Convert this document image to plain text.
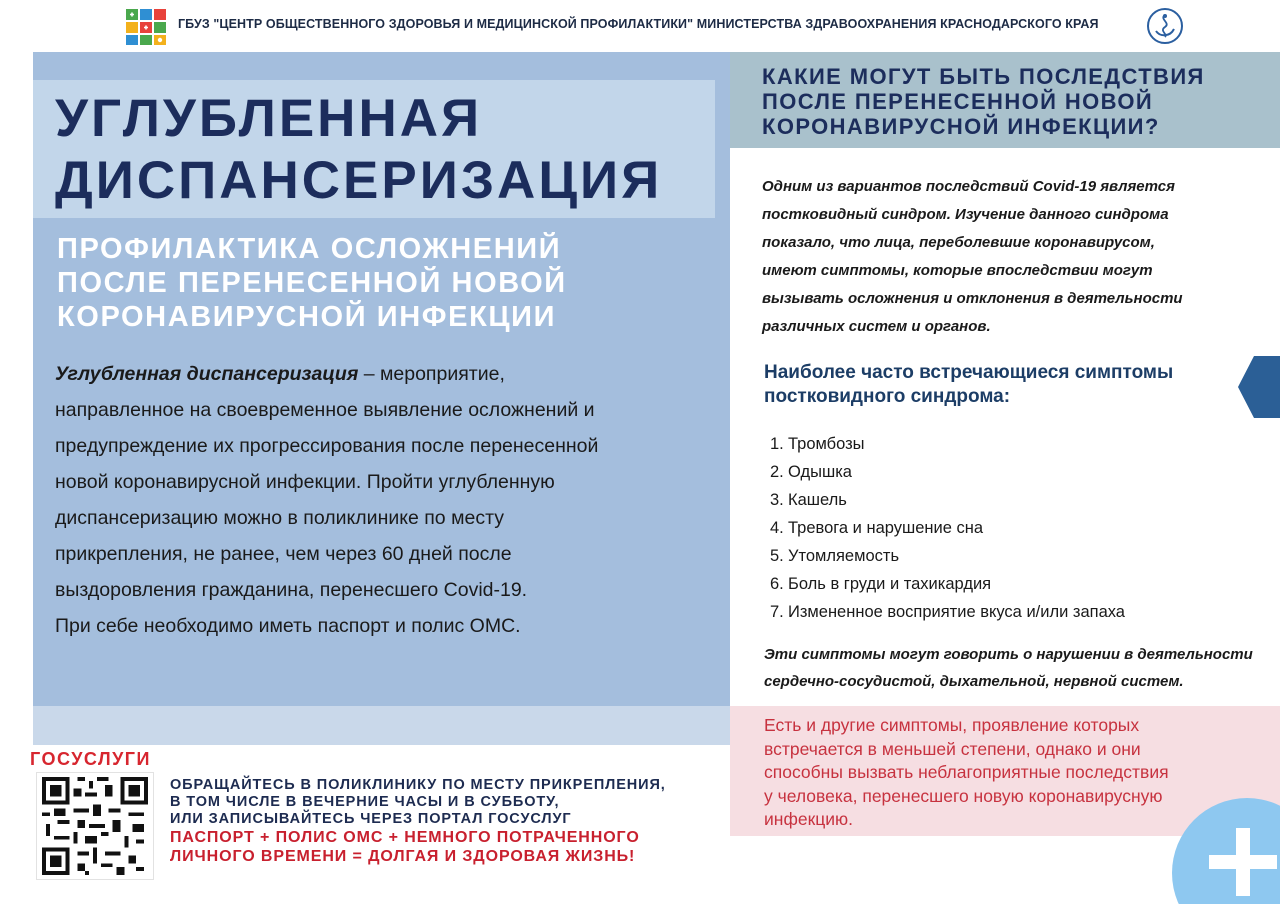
ГБУЗ "ЦЕНТР ОБЩЕСТВЕННОГО ЗДОРОВЬЯ И МЕДИЦИНСКОЙ ПРОФИЛАКТИКИ" МИНИСТЕРСТВА ЗДРАВООХРАНЕНИЯ КРАСНОДАРСКОГО КРАЯ
УГЛУБЛЕННАЯ
ДИСПАНСЕРИЗАЦИЯ
ПРОФИЛАКТИКА ОСЛОЖНЕНИЙ
ПОСЛЕ ПЕРЕНЕСЕННОЙ НОВОЙ
КОРОНАВИРУСНОЙ ИНФЕКЦИИ
Углубленная диспансеризация – мероприятие,
направленное на своевременное выявление осложнений и
предупреждение их прогрессирования после перенесенной
новой коронавирусной инфекции. Пройти углубленную
диспансеризацию можно в поликлинике по месту
прикрепления, не ранее, чем через 60 дней после
выздоровления гражданина, перенесшего Covid-19.
При себе необходимо иметь паспорт и полис ОМС.
КАКИЕ МОГУТ БЫТЬ ПОСЛЕДСТВИЯ
ПОСЛЕ ПЕРЕНЕСЕННОЙ НОВОЙ
КОРОНАВИРУСНОЙ ИНФЕКЦИИ?
Одним из вариантов последствий Covid-19 является
постковидный синдром. Изучение данного синдрома
показало, что лица, переболевшие коронавирусом,
имеют симптомы, которые впоследствии могут
вызывать осложнения и отклонения в деятельности
различных систем и органов.
Наиболее часто встречающиеся симптомы
постковидного синдрома:
1. Тромбозы
2. Одышка
3. Кашель
4. Тревога и нарушение сна
5. Утомляемость
6. Боль в груди и тахикардия
7. Измененное восприятие вкуса и/или запаха
Эти симптомы могут говорить о нарушении в деятельности
сердечно-сосудистой, дыхательной, нервной систем.
Есть и другие симптомы, проявление которых
встречается в меньшей степени, однако и они
способны вызвать неблагоприятные последствия
у человека, перенесшего новую коронавирусную
инфекцию.
ГОСУСЛУГИ
ОБРАЩАЙТЕСЬ В ПОЛИКЛИНИКУ ПО МЕСТУ ПРИКРЕПЛЕНИЯ,
В ТОМ ЧИСЛЕ В ВЕЧЕРНИЕ ЧАСЫ И В СУББОТУ,
ИЛИ ЗАПИСЫВАЙТЕСЬ ЧЕРЕЗ ПОРТАЛ ГОСУСЛУГ
ПАСПОРТ + ПОЛИС ОМС + НЕМНОГО ПОТРАЧЕННОГО
ЛИЧНОГО ВРЕМЕНИ = ДОЛГАЯ И ЗДОРОВАЯ ЖИЗНЬ!
